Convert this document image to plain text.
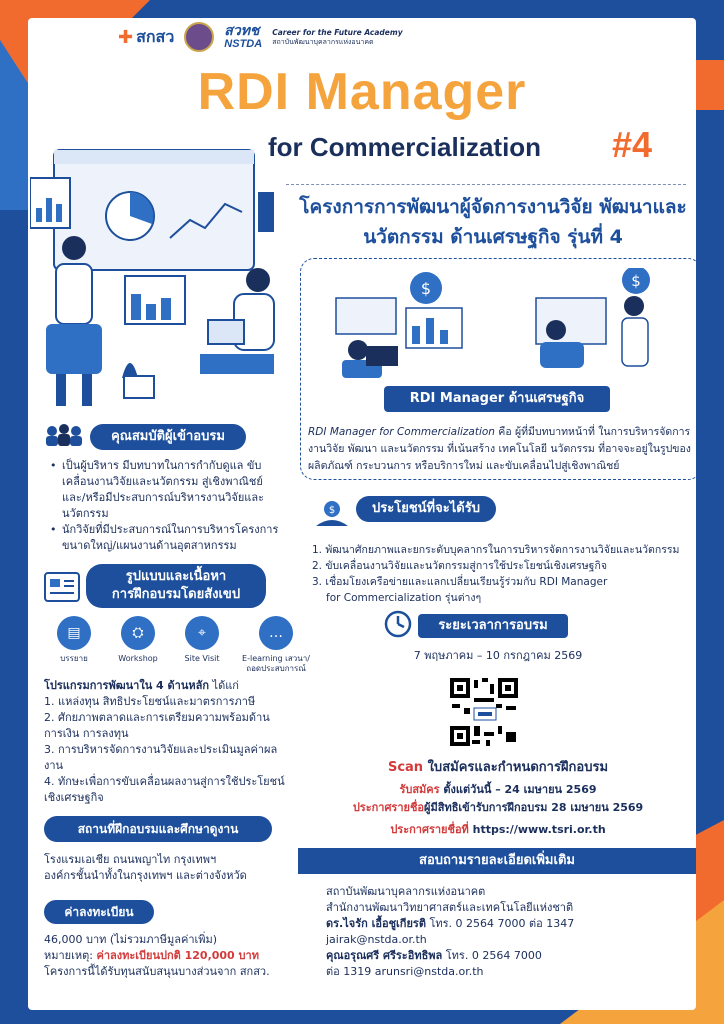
✚ สกสว	สวทช
NSTDA
Career for the Future Academy
สถาบันพัฒนาบุคลากรแห่งอนาคต
RDI Manager
for Commercialization #4
โครงการการพัฒนาผู้จัดการงานวิจัย พัฒนาและ
นวัตกรรม ด้านเศรษฐกิจ รุ่นที่ 4
$	$
RDI Manager ด้านเศรษฐกิจ
RDI Manager for Commercialization คือ ผู้ที่มีบทบาทหน้าที่ ในการบริหารจัดการงานวิจัย พัฒนา และนวัตกรรม ที่เน้นสร้าง เทคโนโลยี นวัตกรรม ที่อาจจะอยู่ในรูปของผลิตภัณฑ์ กระบวนการ หรือบริการใหม่ และขับเคลื่อนไปสู่เชิงพาณิชย์
คุณสมบัติผู้เข้าอบรม
• เป็นผู้บริหาร มีบทบาทในการกำกับดูแล ขับเคลื่อนงานวิจัยและนวัตกรรม สู่เชิงพาณิชย์ และ/หรือมีประสบการณ์บริหารงานวิจัยและนวัตกรรม
• นักวิจัยที่มีประสบการณ์ในการบริหารโครงการขนาดใหญ่/แผนงานด้านอุตสาหกรรม
รูปแบบและเนื้อหา
การฝึกอบรมโดยสังเขป
▤
บรรยาย
⛭
Workshop
⌖
Site Visit
…
E-learning เสวนา/ถอดประสบการณ์
โปรแกรมการพัฒนาใน 4 ด้านหลัก ได้แก่
1. แหล่งทุน สิทธิประโยชน์และมาตรการภาษี
2. ศักยภาพตลาดและการเตรียมความพร้อมด้านการเงิน การลงทุน
3. การบริหารจัดการงานวิจัยและประเมินมูลค่าผลงาน
4. ทักษะเพื่อการขับเคลื่อนผลงานสู่การใช้ประโยชน์เชิงเศรษฐกิจ
สถานที่ฝึกอบรมและศึกษาดูงาน
โรงแรมเอเชีย ถนนพญาไท กรุงเทพฯ
องค์กรชั้นนำทั้งในกรุงเทพฯ และต่างจังหวัด
ค่าลงทะเบียน
46,000 บาท (ไม่รวมภาษีมูลค่าเพิ่ม)
หมายเหตุ: ค่าลงทะเบียนปกติ 120,000 บาท
โครงการนี้ได้รับทุนสนับสนุนบางส่วนจาก สกสว.
$	ประโยชน์ที่จะได้รับ
1. พัฒนาศักยภาพและยกระดับบุคลากรในการบริหารจัดการงานวิจัยและนวัตกรรม
2. ขับเคลื่อนงานวิจัยและนวัตกรรมสู่การใช้ประโยชน์เชิงเศรษฐกิจ
3. เชื่อมโยงเครือข่ายและแลกเปลี่ยนเรียนรู้ร่วมกับ RDI Manager
for Commercialization รุ่นต่างๆ
ระยะเวลาการอบรม
7 พฤษภาคม – 10 กรกฎาคม 2569
Scan ใบสมัครและกำหนดการฝึกอบรม
รับสมัคร ตั้งแต่วันนี้ – 24 เมษายน 2569
ประกาศรายชื่อผู้มีสิทธิเข้ารับการฝึกอบรม 28 เมษายน 2569
ประกาศรายชื่อที่ https://www.tsri.or.th
สอบถามรายละเอียดเพิ่มเติม
สถาบันพัฒนาบุคลากรแห่งอนาคต
สำนักงานพัฒนาวิทยาศาสตร์และเทคโนโลยีแห่งชาติ
ดร.ไจรัก เอื้อชูเกียรติ โทร. 0 2564 7000 ต่อ 1347
jairak@nstda.or.th
คุณอรุณศรี ศรีระอิทธิพล โทร. 0 2564 7000
ต่อ 1319 arunsri@nstda.or.th
